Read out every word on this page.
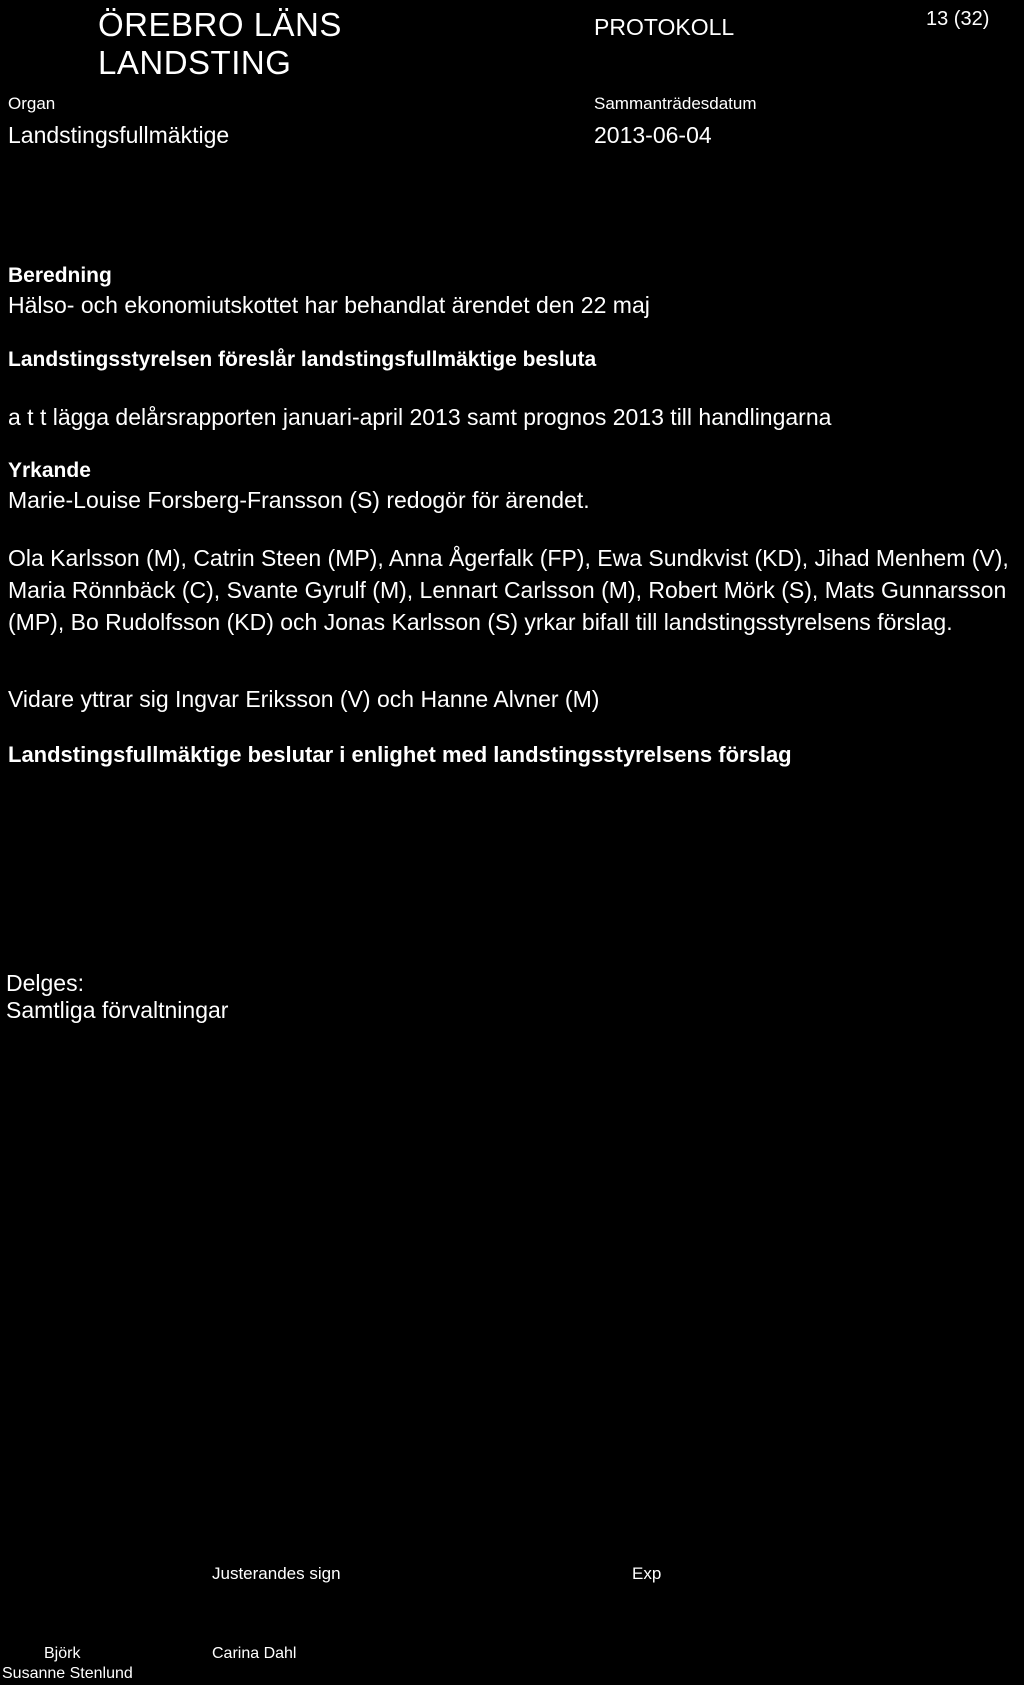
ÖREBRO LÄNS
LANDSTING
PROTOKOLL	13 (32)
Organ
Landstingsfullmäktige
Sammanträdesdatum
2013-06-04
Beredning
Hälso- och ekonomiutskottet har behandlat ärendet den 22 maj
Landstingsstyrelsen föreslår landstingsfullmäktige besluta
a t t lägga delårsrapporten januari-april 2013 samt prognos 2013 till handlingarna
Yrkande
Marie-Louise Forsberg-Fransson (S) redogör för ärendet.
Ola Karlsson (M), Catrin Steen (MP), Anna Ågerfalk (FP), Ewa Sundkvist (KD), Jihad Menhem (V), Maria Rönnbäck (C), Svante Gyrulf (M), Lennart Carlsson (M), Robert Mörk (S), Mats Gunnarsson (MP), Bo Rudolfsson (KD) och Jonas Karlsson (S) yrkar bifall till landstingsstyrelsens förslag.
Vidare yttrar sig Ingvar Eriksson (V) och Hanne Alvner (M)
Landstingsfullmäktige beslutar i enlighet med landstingsstyrelsens förslag
Delges:
Samtliga förvaltningar
Justerandes sign	Exp
Björk
Susanne Stenlund
Carina Dahl
